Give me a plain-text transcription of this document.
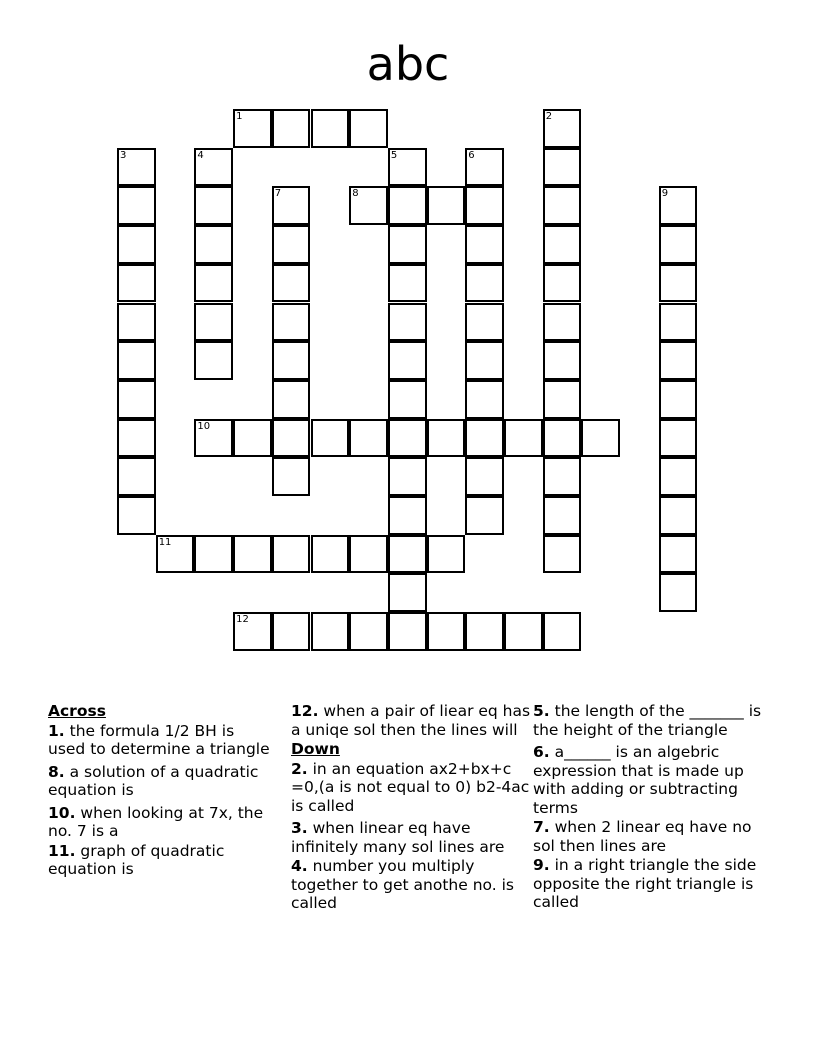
abc
1	2
3	4	5	6
7	8	9
10
11
12
Across
1. the formula 1/2 BH is used to determine a triangle
8. a solution of a quadratic equation is
10. when looking at 7x, the no. 7 is a
11. graph of quadratic equation is
12. when a pair of liear eq has a uniqe sol then the lines will
Down
2. in an equation ax2+bx+c =0,(a is not equal to 0) b2-4ac is called
3. when linear eq have infinitely many sol lines are
4. number you multiply together to get anothe no. is called
5. the length of the _______ is the height of the triangle
6. a______ is an algebric expression that is made up with adding or subtracting terms
7. when 2 linear eq have no sol then lines are
9. in a right triangle the side opposite the right triangle is called
